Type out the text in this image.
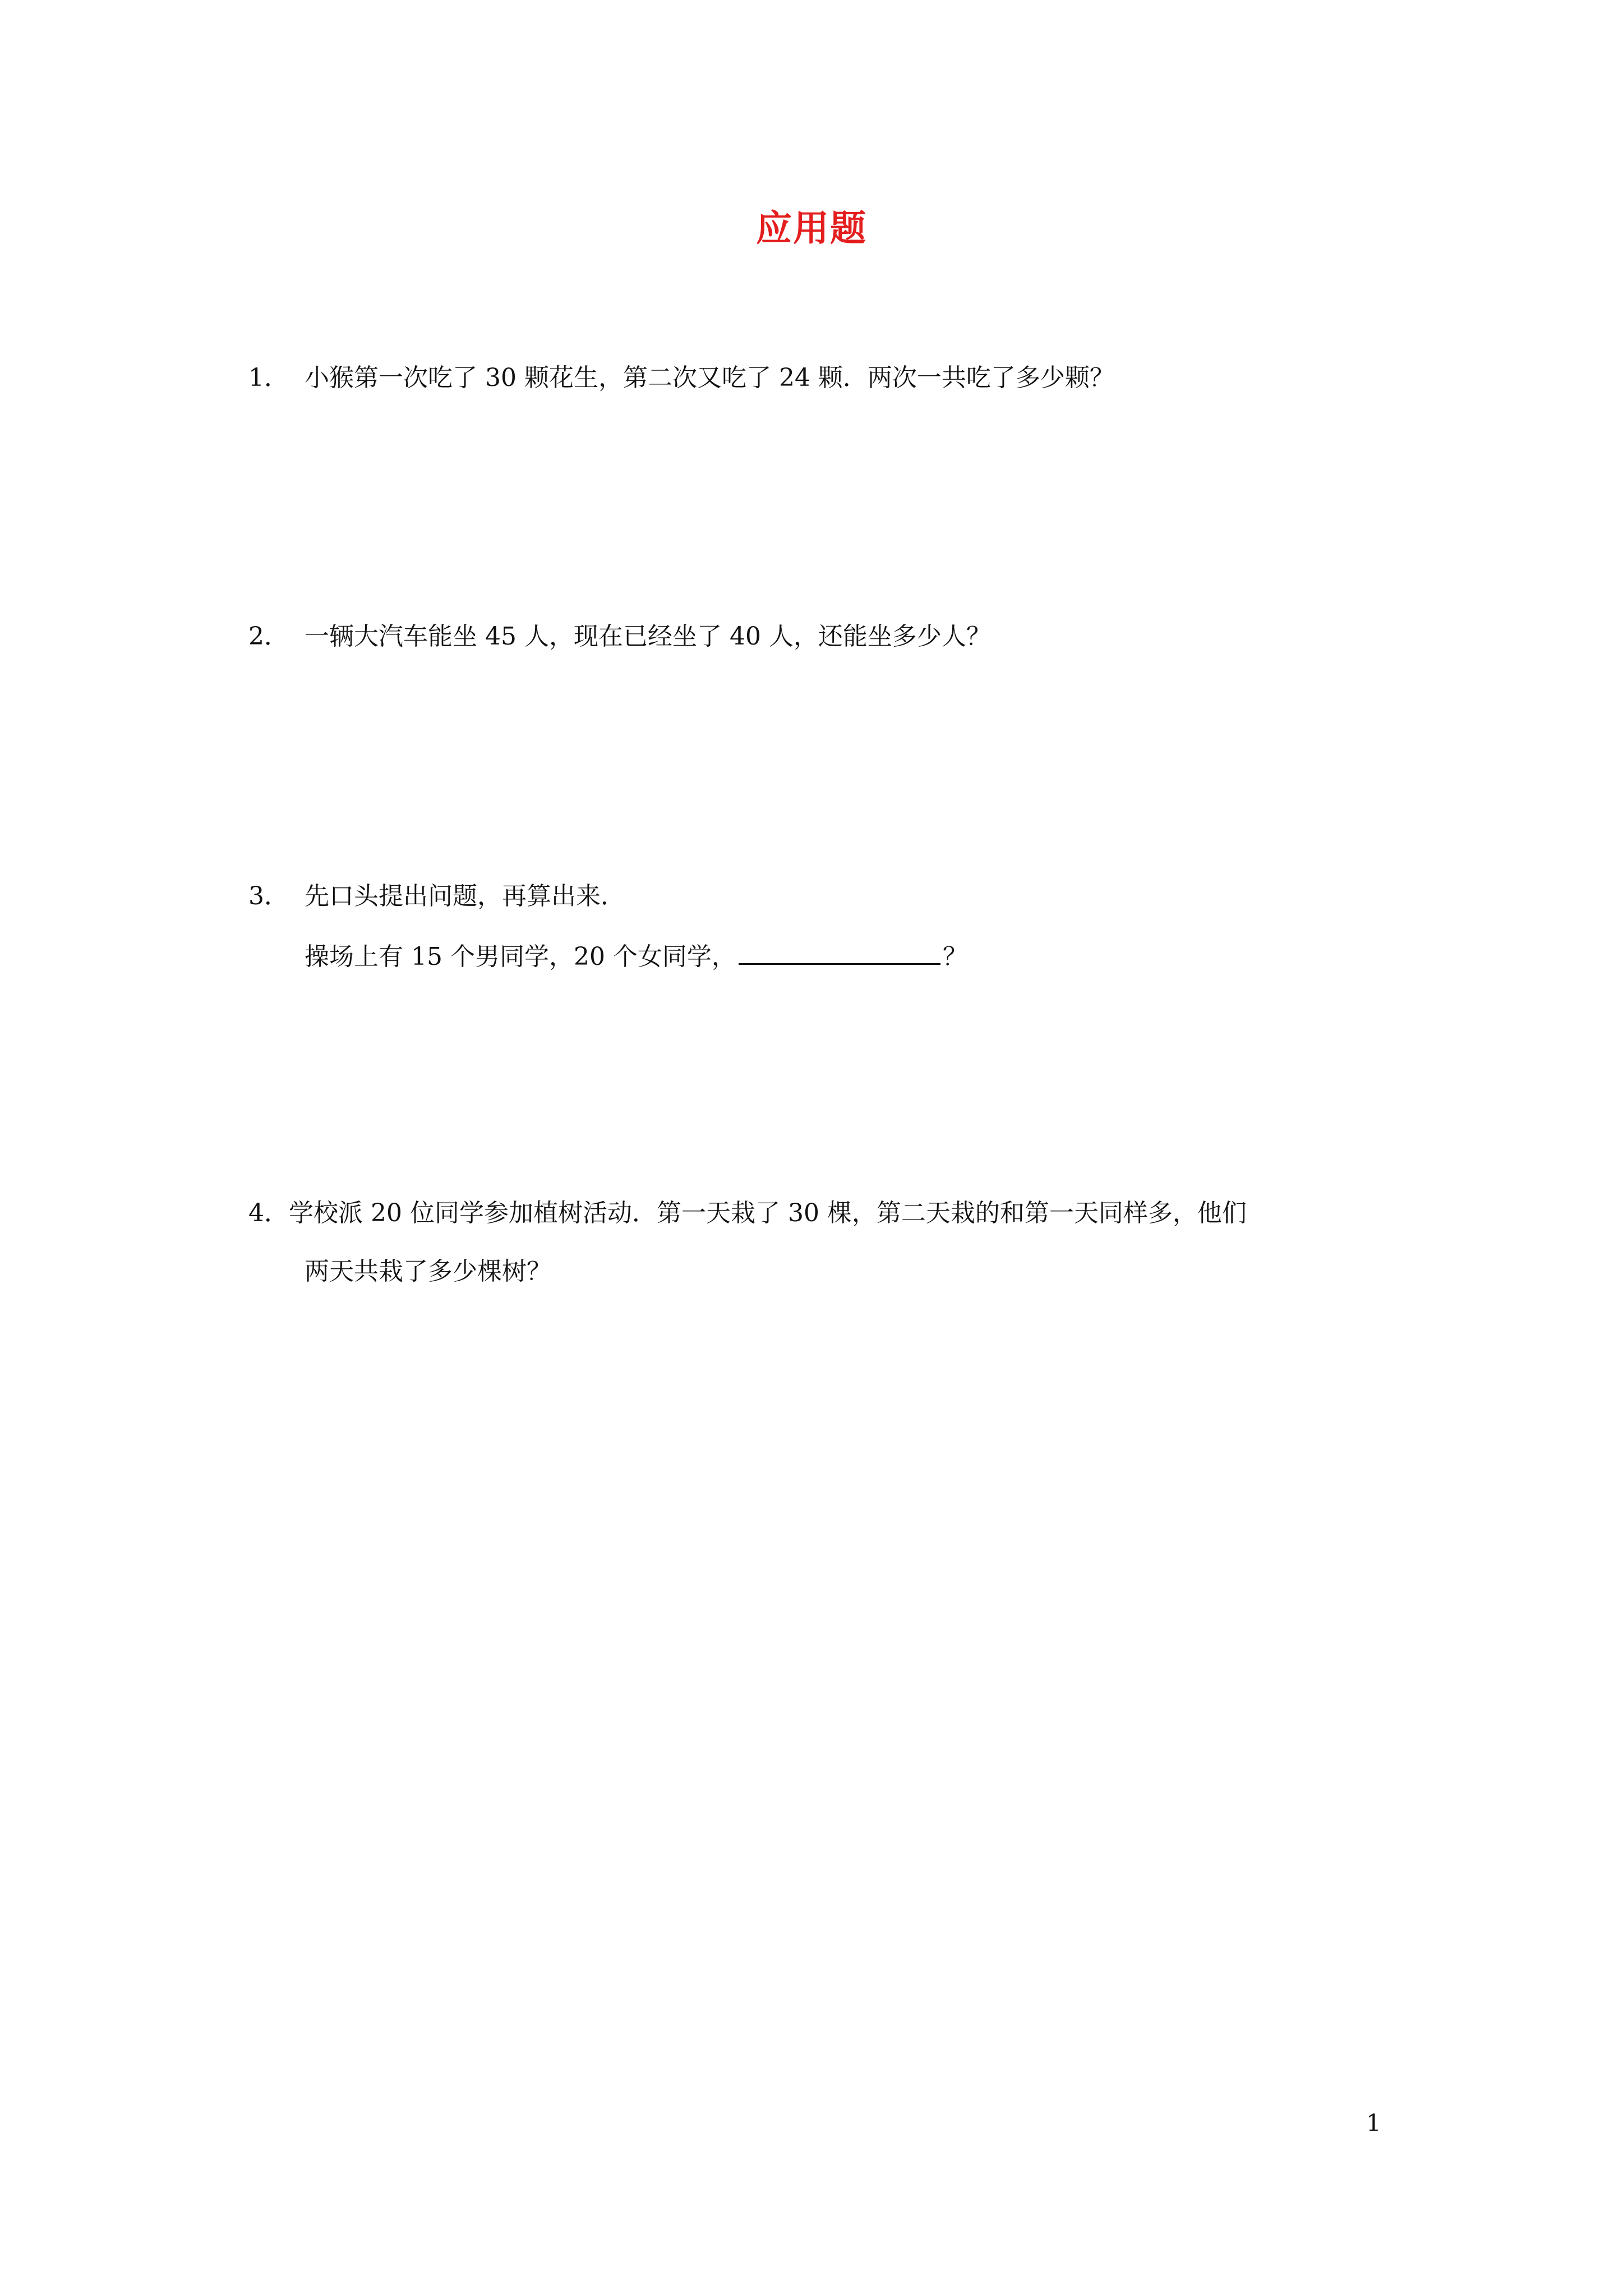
应用题
1． 小猴第一次吃了 30 颗花生，第二次又吃了 24 颗．两次一共吃了多少颗？
2． 一辆大汽车能坐 45 人，现在已经坐了 40 人，还能坐多少人？
3． 先口头提出问题，再算出来．
操场上有 15 个男同学，20 个女同学，	？
4．学校派 20 位同学参加植树活动．第一天栽了 30 棵，第二天栽的和第一天同样多，他们
两天共栽了多少棵树？
1
